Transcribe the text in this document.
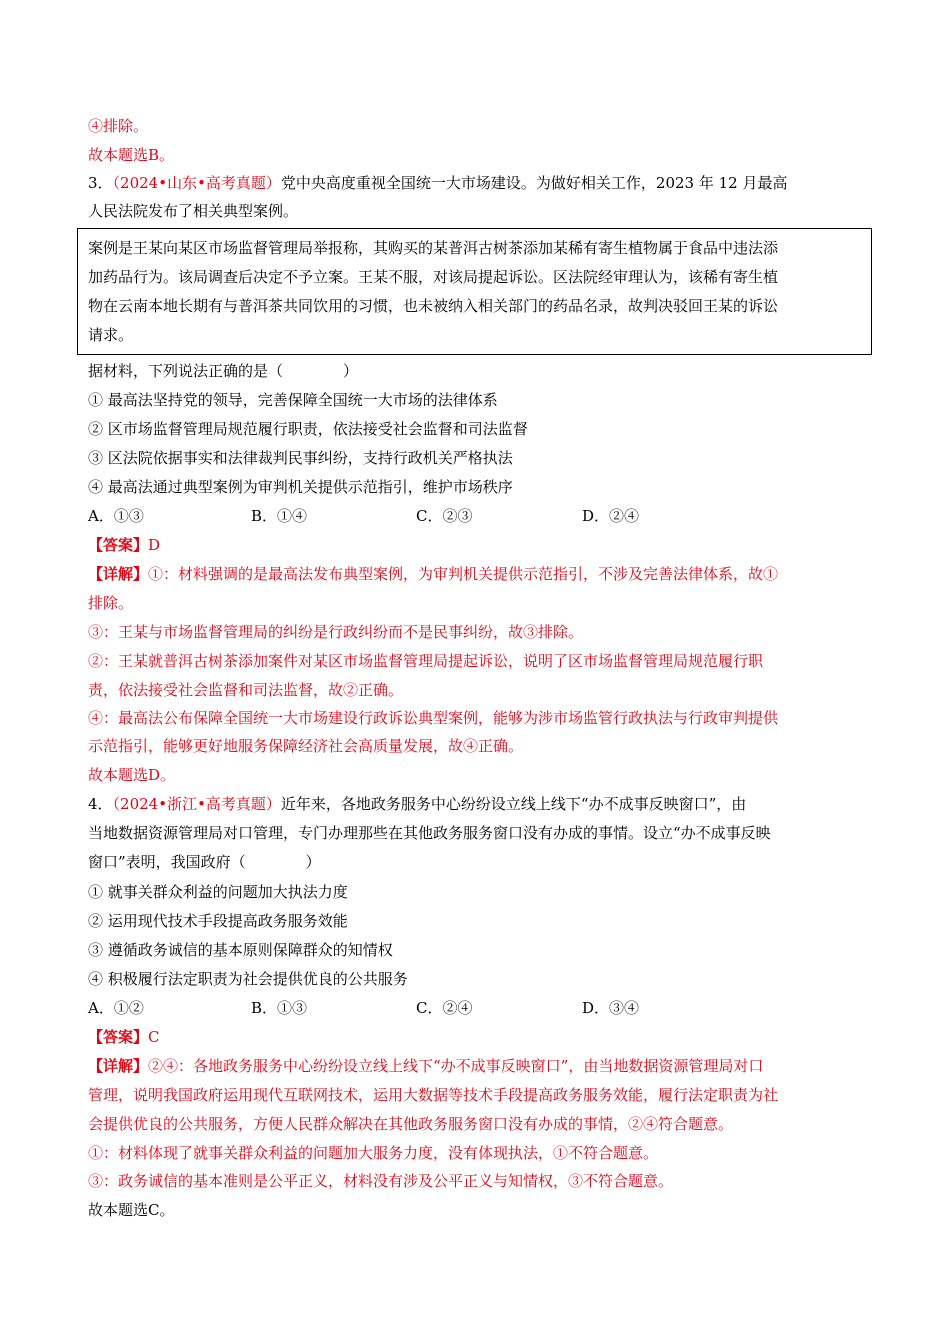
④排除。
故本题选B。
3．（2024•山东•高考真题）党中央高度重视全国统一大市场建设。为做好相关工作，2023 年 12 月最高
人民法院发布了相关典型案例。
案例是王某向某区市场监督管理局举报称，其购买的某普洱古树茶添加某稀有寄生植物属于食品中违法添
加药品行为。该局调查后决定不予立案。王某不服，对该局提起诉讼。区法院经审理认为，该稀有寄生植
物在云南本地长期有与普洱茶共同饮用的习惯，也未被纳入相关部门的药品名录，故判决驳回王某的诉讼
请求。
据材料，下列说法正确的是（　　　　）
① 最高法坚持党的领导，完善保障全国统一大市场的法律体系
② 区市场监督管理局规范履行职责，依法接受社会监督和司法监督
③ 区法院依据事实和法律裁判民事纠纷，支持行政机关严格执法
④ 最高法通过典型案例为审判机关提供示范指引，维护市场秩序
A．①③	B．①④	C．②③	D．②④
【答案】D
【详解】①：材料强调的是最高法发布典型案例，为审判机关提供示范指引，不涉及完善法律体系，故①
排除。
③：王某与市场监督管理局的纠纷是行政纠纷而不是民事纠纷，故③排除。
②：王某就普洱古树茶添加案件对某区市场监督管理局提起诉讼，说明了区市场监督管理局规范履行职
责，依法接受社会监督和司法监督，故②正确。
④：最高法公布保障全国统一大市场建设行政诉讼典型案例，能够为涉市场监管行政执法与行政审判提供
示范指引，能够更好地服务保障经济社会高质量发展，故④正确。
故本题选D。
4．（2024•浙江•高考真题）近年来，各地政务服务中心纷纷设立线上线下“办不成事反映窗口”，由
当地数据资源管理局对口管理，专门办理那些在其他政务服务窗口没有办成的事情。设立“办不成事反映
窗口”表明，我国政府（　　　　）
① 就事关群众利益的问题加大执法力度
② 运用现代技术手段提高政务服务效能
③ 遵循政务诚信的基本原则保障群众的知情权
④ 积极履行法定职责为社会提供优良的公共服务
A．①②	B．①③	C．②④	D．③④
【答案】C
【详解】②④：各地政务服务中心纷纷设立线上线下“办不成事反映窗口”，由当地数据资源管理局对口
管理，说明我国政府运用现代互联网技术，运用大数据等技术手段提高政务服务效能，履行法定职责为社
会提供优良的公共服务，方便人民群众解决在其他政务服务窗口没有办成的事情，②④符合题意。
①：材料体现了就事关群众利益的问题加大服务力度，没有体现执法，①不符合题意。
③：政务诚信的基本准则是公平正义，材料没有涉及公平正义与知情权，③不符合题意。
故本题选C。
